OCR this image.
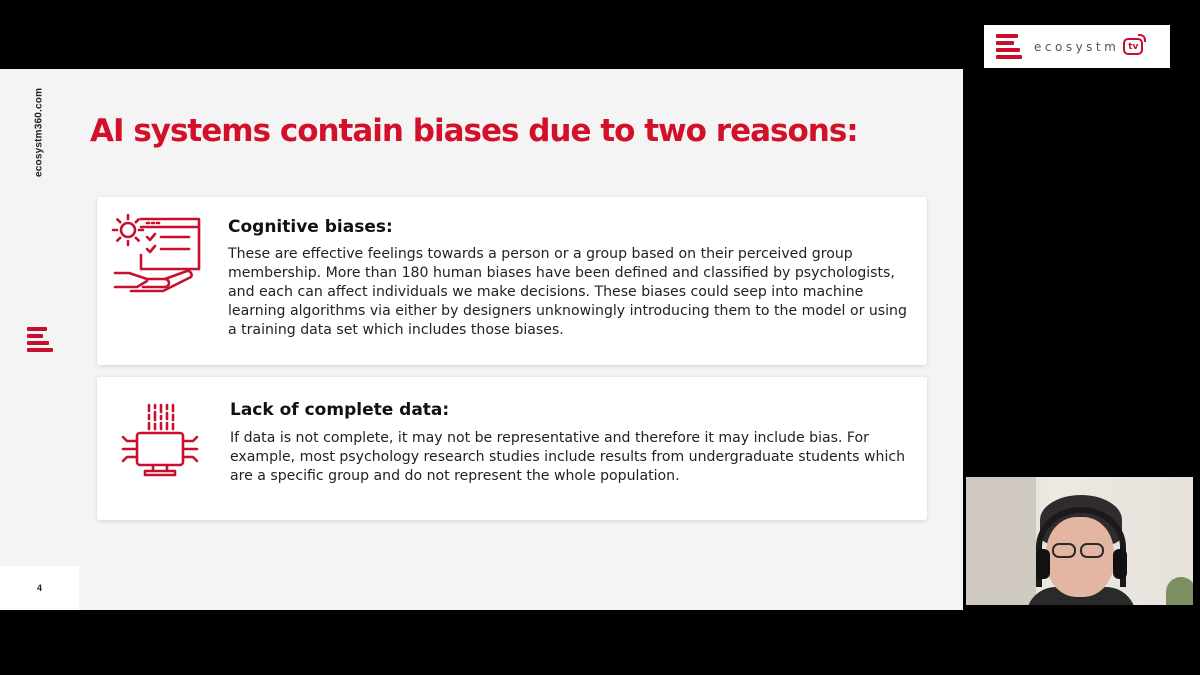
ecosystm tv
ecosystm360.com
4
AI systems contain biases due to two reasons:
Cognitive biases:

These are effective feelings towards a person or a group based on their perceived group membership. More than 180 human biases have been defined and classified by psychologists, and each can affect individuals we make decisions. These biases could seep into machine learning algorithms via either by designers unknowingly introducing them to the model or using a training data set which includes those biases.

Lack of complete data:

If data is not complete, it may not be representative and therefore it may include bias. For example, most psychology research studies include results from undergraduate students which are a specific group and do not represent the whole population.
